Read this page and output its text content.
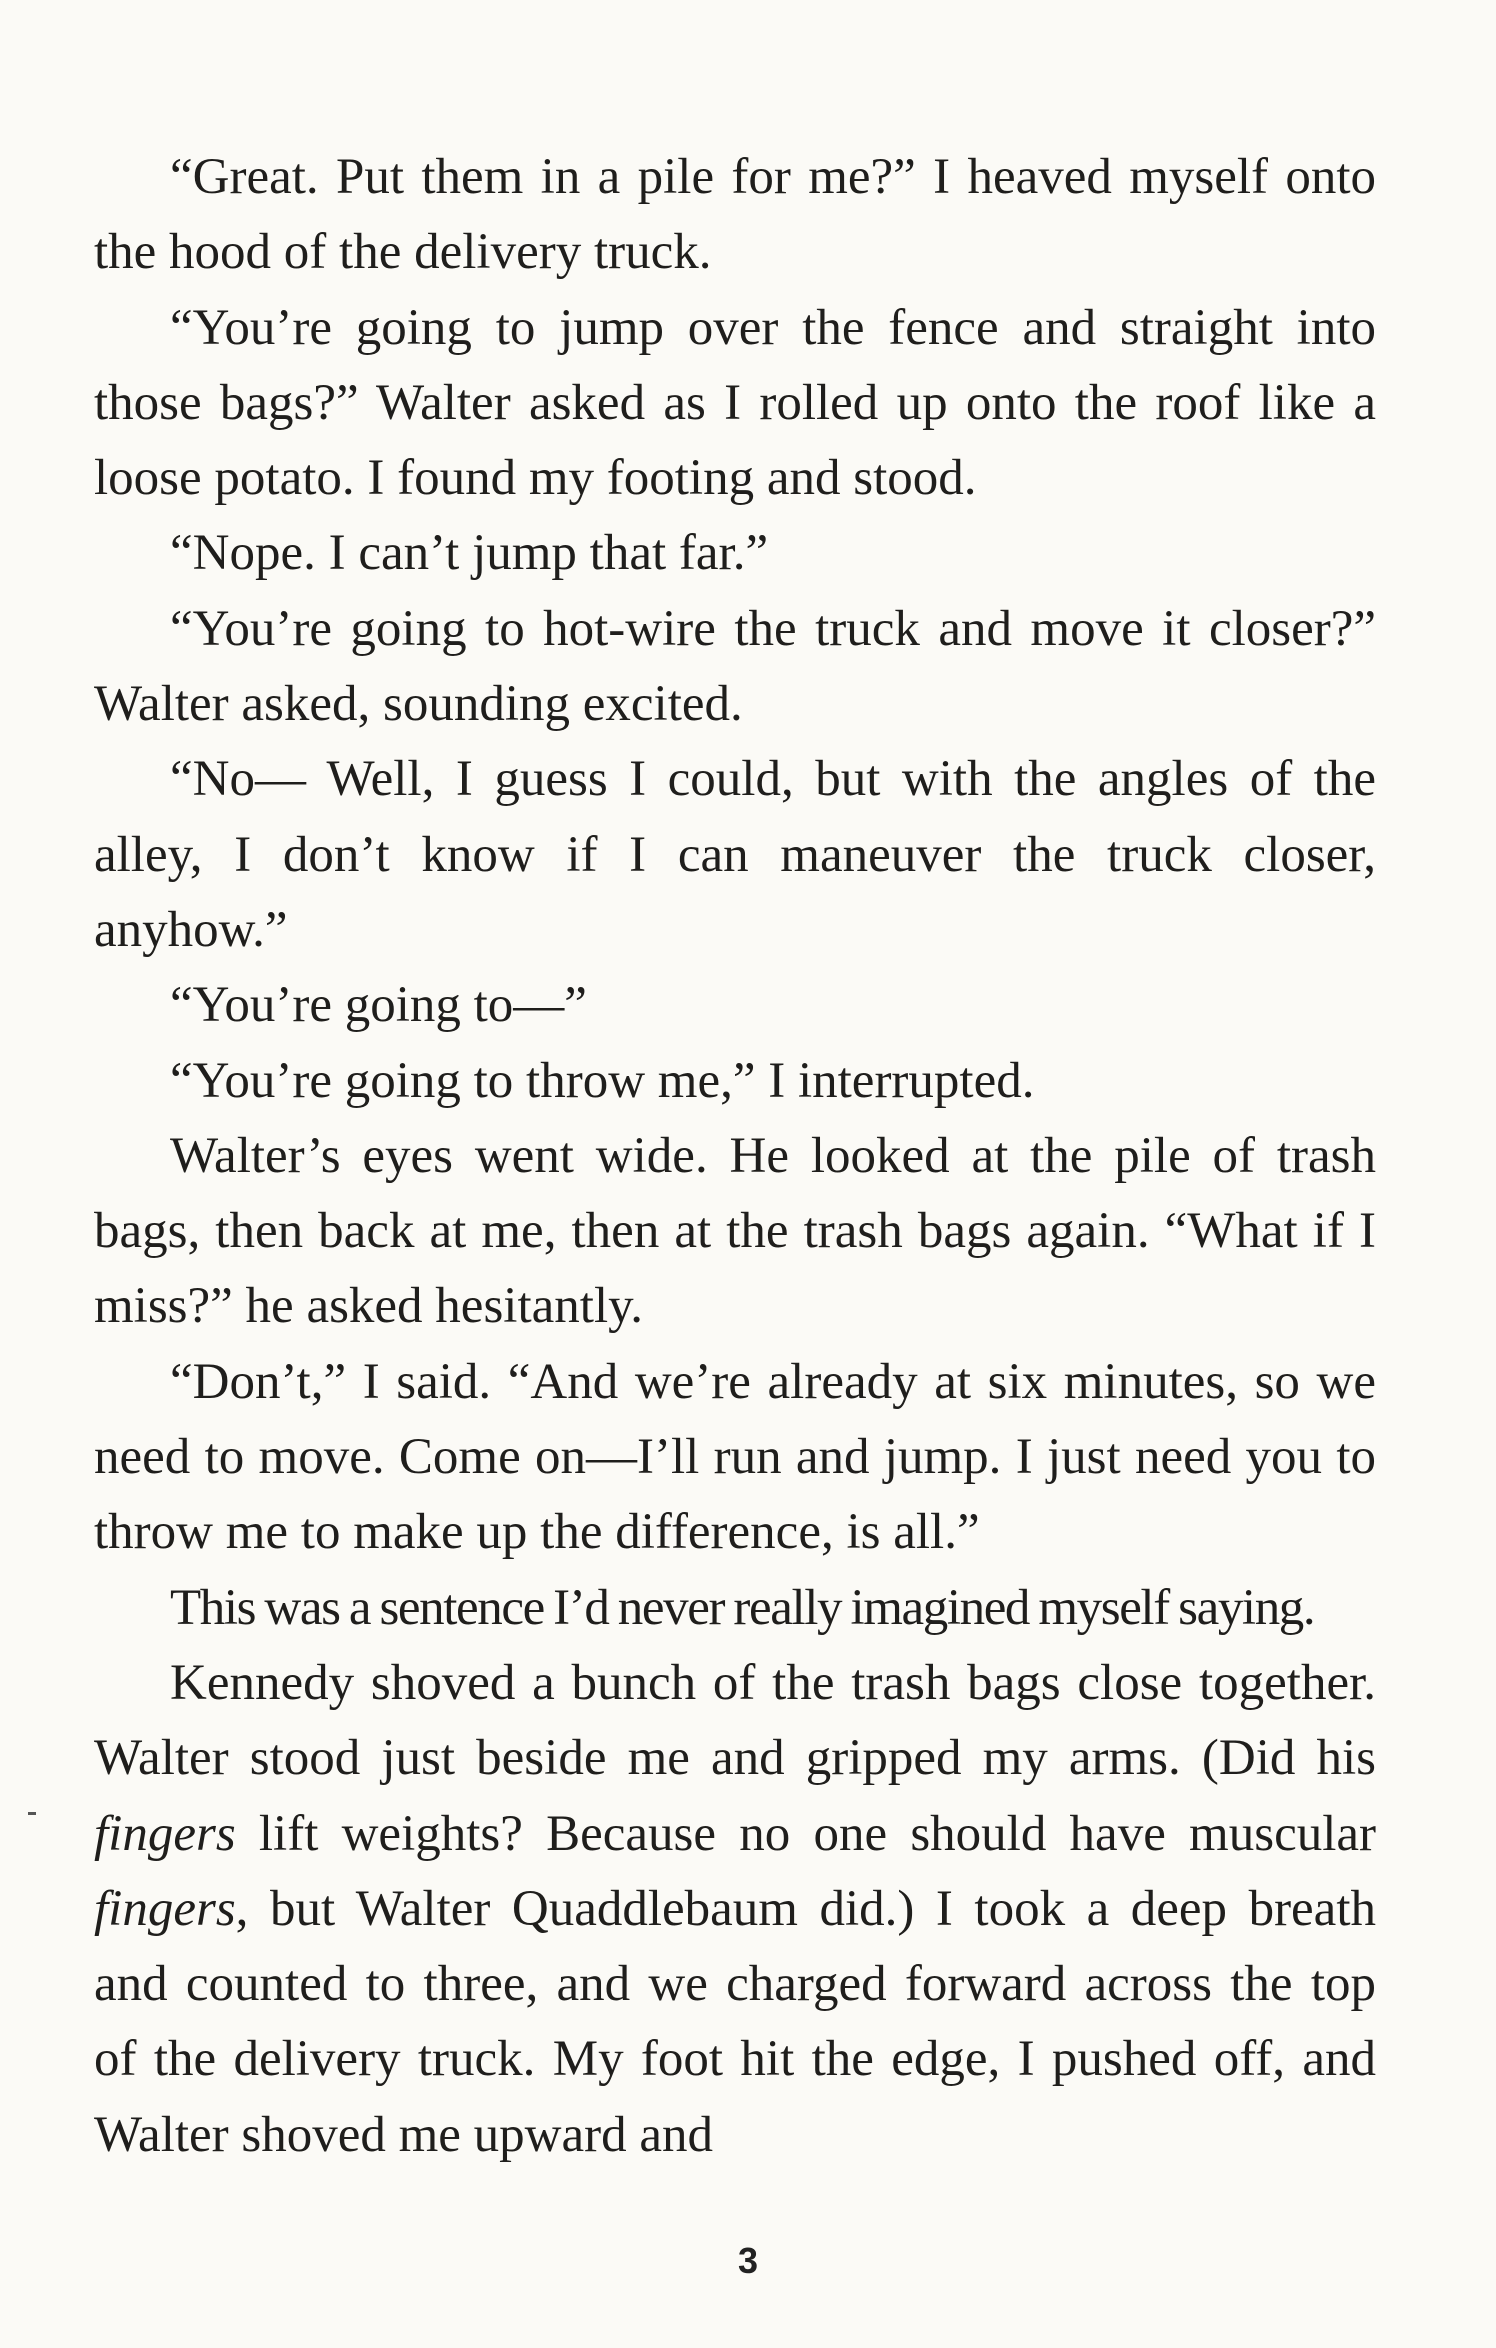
“Great. Put them in a pile for me?” I heaved myself onto the hood of the delivery truck.

“You’re going to jump over the fence and straight into those bags?” Walter asked as I rolled up onto the roof like a loose potato. I found my footing and stood.

“Nope. I can’t jump that far.”

“You’re going to hot-wire the truck and move it closer?” Walter asked, sounding excited.

“No— Well, I guess I could, but with the angles of the alley, I don’t know if I can maneuver the truck closer, anyhow.”

“You’re going to—”

“You’re going to throw me,” I interrupted.

Walter’s eyes went wide. He looked at the pile of trash bags, then back at me, then at the trash bags again. “What if I miss?” he asked hesitantly.

“Don’t,” I said. “And we’re already at six minutes, so we need to move. Come on—I’ll run and jump. I just need you to throw me to make up the difference, is all.”

This was a sentence I’d never really imagined myself saying.

Kennedy shoved a bunch of the trash bags close together. Walter stood just beside me and gripped my arms. (Did his fingers lift weights? Because no one should have muscular fingers, but Walter Quaddlebaum did.) I took a deep breath and counted to three, and we charged forward across the top of the delivery truck. My foot hit the edge, I pushed off, and Walter shoved me upward and

3
